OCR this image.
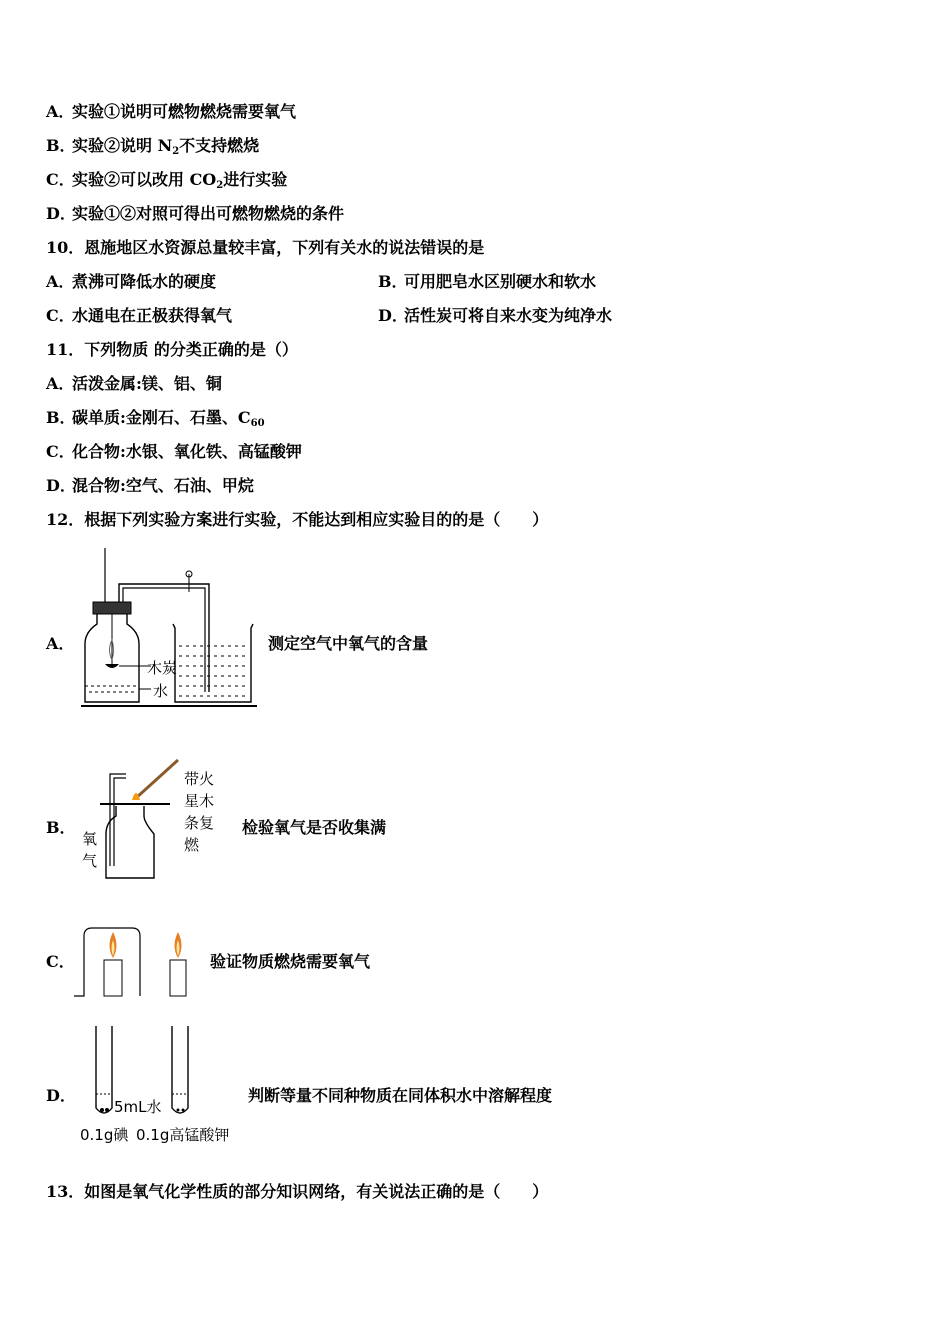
A．实验①说明可燃物燃烧需要氧气
B．实验②说明 $N_2$不支持燃烧
C．实验②可以改用 $CO_2$进行实验
D．实验①②对照可得出可燃物燃烧的条件
10．恩施地区水资源总量较丰富，下列有关水的说法错误的是
A．煮沸可降低水的硬度	B．可用肥皂水区别硬水和软水
C．水通电在正极获得氧气	D．活性炭可将自来水变为纯净水
11．下列物质 的分类正确的是（）
A．活泼金属:镁、铝、铜
B．碳单质:金刚石、石墨、$C_{60}$
C．化合物:水银、氧化铁、高锰酸钾
D．混合物:空气、石油、甲烷
12．根据下列实验方案进行实验，不能达到相应实验目的的是（　　）
A．
木炭
水
测定空气中氧气的含量
B．
带火
星木
条复
燃
氧
气
检验氧气是否收集满
C．	验证物质燃烧需要氧气
D．
5mL水
0.1g碘 0.1g高锰酸钾
判断等量不同种物质在同体积水中溶解程度
13．如图是氧气化学性质的部分知识网络，有关说法正确的是（　　）
